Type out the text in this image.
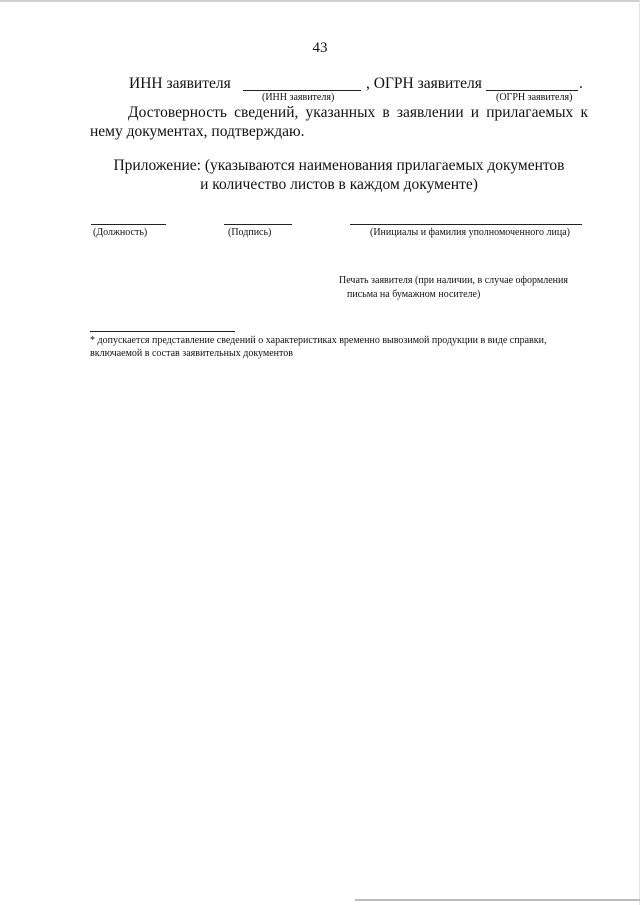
43
ИНН заявителя
(ИНН заявителя)
, ОГРН заявителя	.
(ОГРН заявителя)
Достоверность сведений, указанных в заявлении и прилагаемых к нему документах, подтверждаю.
Приложение: (указываются наименования прилагаемых документов
и количество листов в каждом документе)
(Должность)	(Подпись)	(Инициалы и фамилия уполномоченного лица)
Печать заявителя (при наличии, в случае оформления
письма на бумажном носителе)
* допускается представление сведений о характеристиках временно вывозимой продукции в виде справки,
включаемой в состав заявительных документов
